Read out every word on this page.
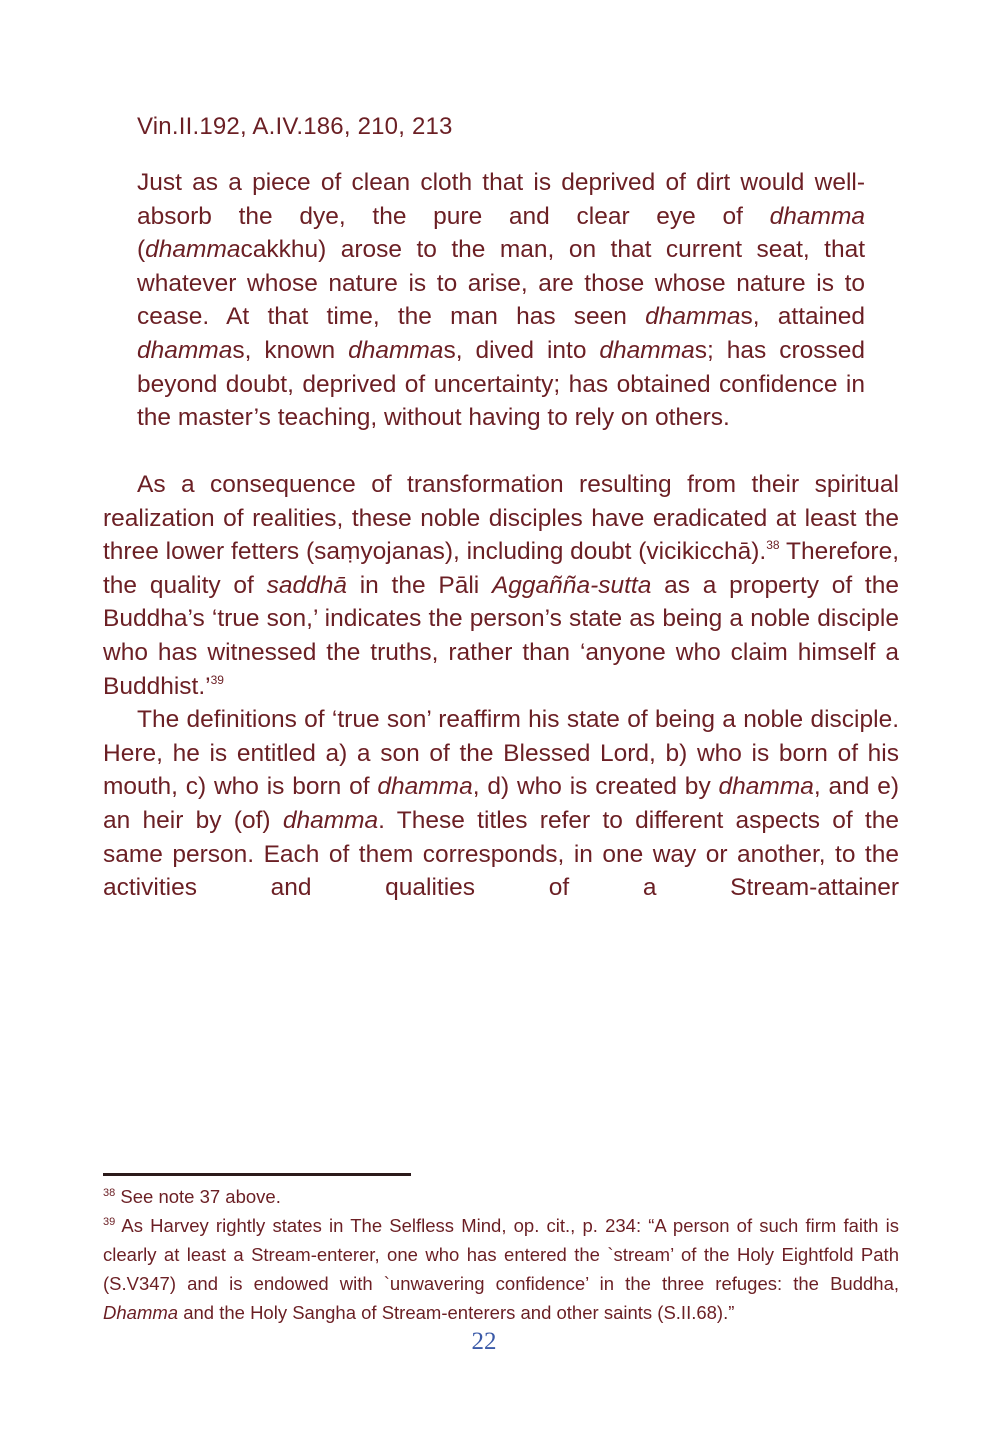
Vin.II.192, A.IV.186, 210, 213
Just as a piece of clean cloth that is deprived of dirt would well-absorb the dye, the pure and clear eye of dhamma (dhammacakkhu) arose to the man, on that current seat, that whatever whose nature is to arise, are those whose nature is to cease. At that time, the man has seen dhammas, attained dhammas, known dhammas, dived into dhammas; has crossed beyond doubt, deprived of uncertainty; has obtained confidence in the master’s teaching, without having to rely on others.

As a consequence of transformation resulting from their spiritual realization of realities, these noble disciples have eradicated at least the three lower fetters (saṃyojanas), including doubt (vicikicchā).$^{38}$ Therefore, the quality of saddhā in the Pāli Aggañña-sutta as a property of the Buddha’s ‘true son,’ indicates the person’s state as being a noble disciple who has witnessed the truths, rather than ‘anyone who claim himself a Buddhist.’$^{39}$

The definitions of ‘true son’ reaffirm his state of being a noble disciple. Here, he is entitled a) a son of the Blessed Lord, b) who is born of his mouth, c) who is born of dhamma, d) who is created by dhamma, and e) an heir by (of) dhamma. These titles refer to different aspects of the same person. Each of them corresponds, in one way or another, to the activities and qualities of a Stream-attainer

$^{38}$ See note 37 above.

$^{39}$ As Harvey rightly states in The Selfless Mind, op. cit., p. 234: “A person of such firm faith is clearly at least a Stream-enterer, one who has entered the `stream’ of the Holy Eightfold Path (S.V347) and is endowed with `unwavering confidence’ in the three refuges: the Buddha, Dhamma and the Holy Sangha of Stream-enterers and other saints (S.II.68).”

22
